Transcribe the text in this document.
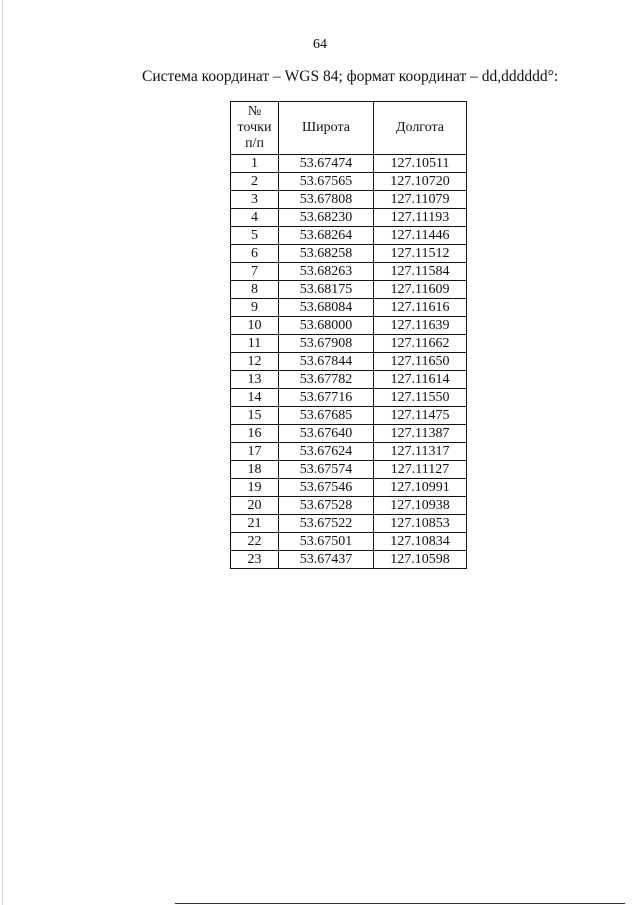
64
Система координат – WGS 84; формат координат – dd,dddddd°:
№
точки
п/п	Широта	Долгота
1	53.67474	127.10511
2	53.67565	127.10720
3	53.67808	127.11079
4	53.68230	127.11193
5	53.68264	127.11446
6	53.68258	127.11512
7	53.68263	127.11584
8	53.68175	127.11609
9	53.68084	127.11616
10	53.68000	127.11639
11	53.67908	127.11662
12	53.67844	127.11650
13	53.67782	127.11614
14	53.67716	127.11550
15	53.67685	127.11475
16	53.67640	127.11387
17	53.67624	127.11317
18	53.67574	127.11127
19	53.67546	127.10991
20	53.67528	127.10938
21	53.67522	127.10853
22	53.67501	127.10834
23	53.67437	127.10598
